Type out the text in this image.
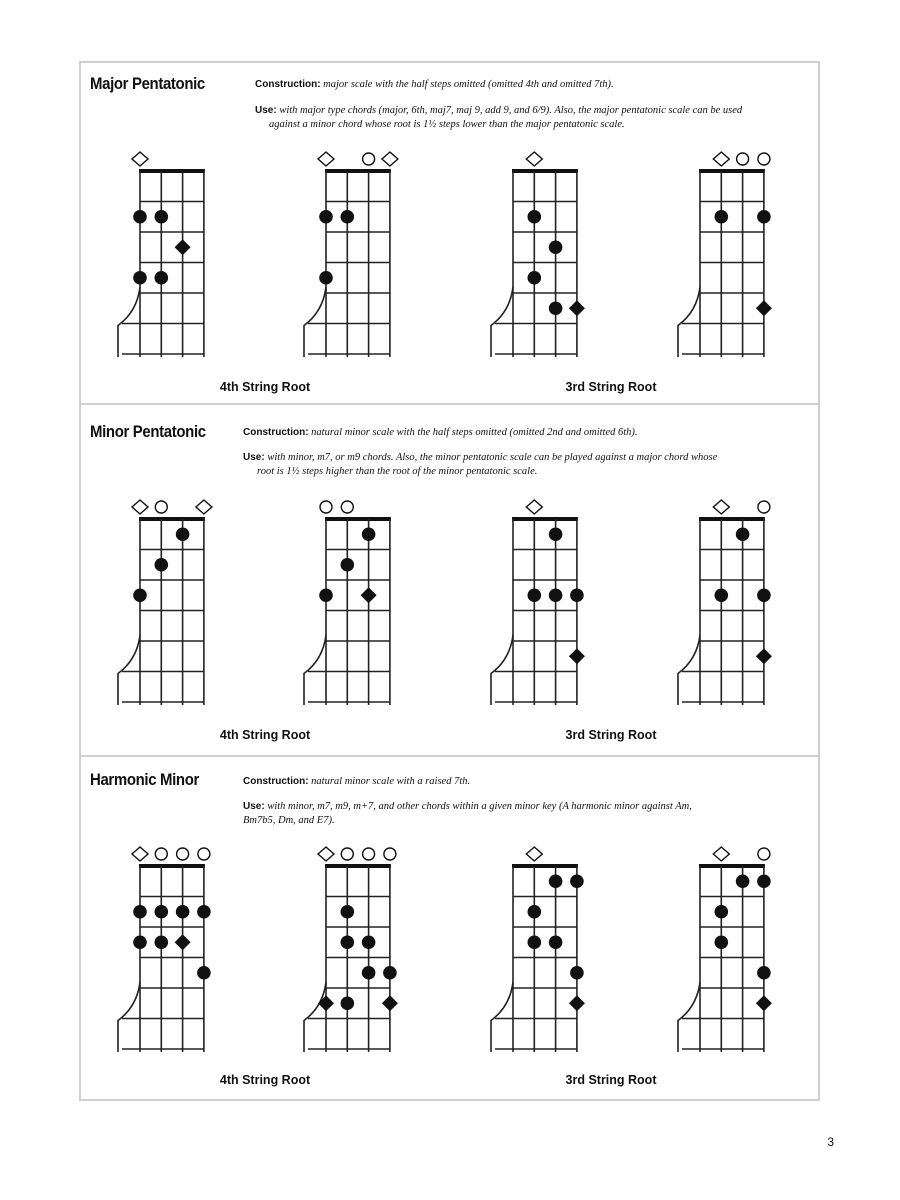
Major Pentatonic	Construction: major scale with the half steps omitted (omitted 4th and omitted 7th).
Use: with major type chords (major, 6th, maj7, maj 9, add 9, and 6/9). Also, the major pentatonic scale can be used
against a minor chord whose root is 1½ steps lower than the major pentatonic scale.
4th String Root	3rd String Root
Minor Pentatonic	Construction: natural minor scale with the half steps omitted (omitted 2nd and omitted 6th).
Use: with minor, m7, or m9 chords. Also, the minor pentatonic scale can be played against a major chord whose
root is 1½ steps higher than the root of the minor pentatonic scale.
4th String Root	3rd String Root
Harmonic Minor	Construction: natural minor scale with a raised 7th.
Use: with minor, m7, m9, m+7, and other chords within a given minor key (A harmonic minor against Am,
Bm7b5, Dm, and E7).
4th String Root	3rd String Root
3
